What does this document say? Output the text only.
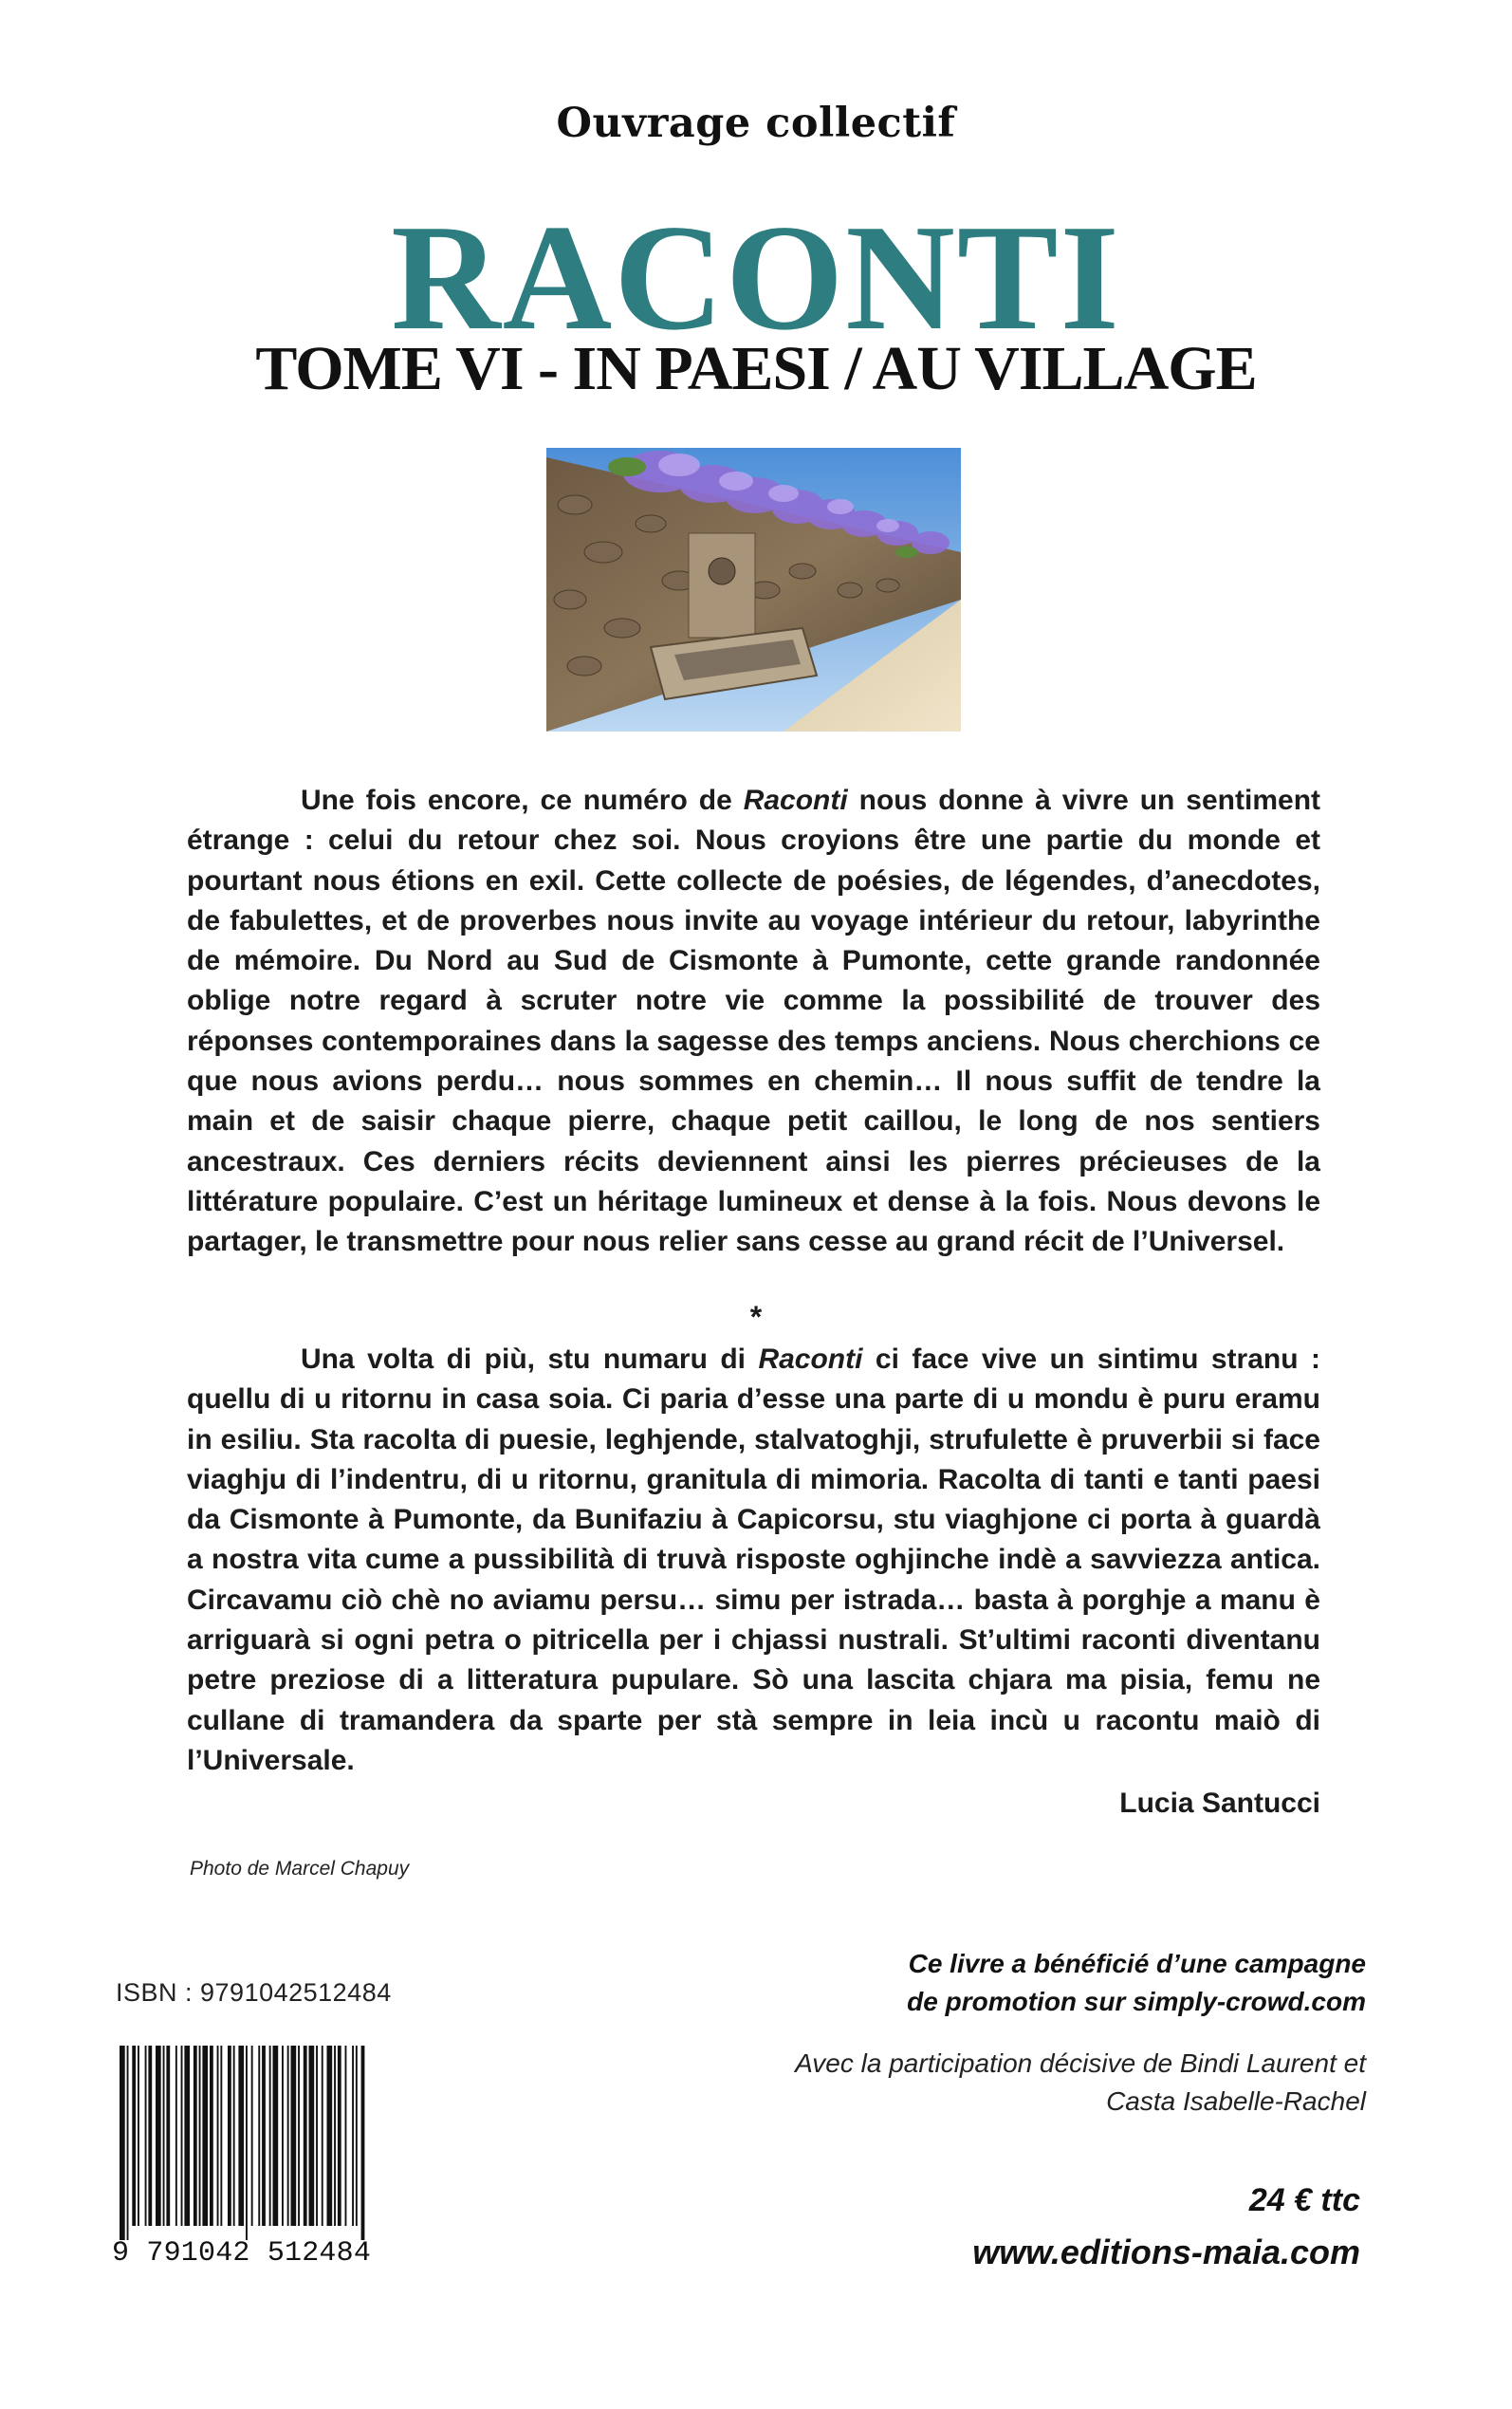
Ouvrage collectif
RACONTI
TOME VI - IN PAESI / AU VILLAGE

Une fois encore, ce numéro de Raconti nous donne à vivre un sentiment étrange : celui du retour chez soi. Nous croyions être une partie du monde et pourtant nous étions en exil. Cette collecte de poésies, de légendes, d’anecdotes, de fabulettes, et de proverbes nous invite au voyage intérieur du retour, labyrinthe de mémoire. Du Nord au Sud de Cismonte à Pumonte, cette grande randonnée oblige notre regard à scruter notre vie comme la possibilité de trouver des réponses contemporaines dans la sagesse des temps anciens. Nous cherchions ce que nous avions perdu… nous sommes en chemin… Il nous suffit de tendre la main et de saisir chaque pierre, chaque petit caillou, le long de nos sentiers ancestraux. Ces derniers récits deviennent ainsi les pierres précieuses de la littérature populaire. C’est un héritage lumineux et dense à la fois. Nous devons le partager, le transmettre pour nous relier sans cesse au grand récit de l’Universel.

*

Una volta di più, stu numaru di Raconti ci face vive un sintimu stranu : quellu di u ritornu in casa soia. Ci paria d’esse una parte di u mondu è puru eramu in esiliu. Sta racolta di puesie, leghjende, stalvatoghji, strufulette è pruverbii si face viaghju di l’indentru, di u ritornu, granitula di mimoria. Racolta di tanti e tanti paesi da Cismonte à Pumonte, da Bunifaziu à Capicorsu, stu viaghjone ci porta à guardà a nostra vita cume a pussibilità di truvà risposte oghjinche indè a savviezza antica. Circavamu ciò chè no aviamu persu… simu per istrada… basta à porghje a manu è arriguarà si ogni petra o pitricella per i chjassi nustrali. St’ultimi raconti diventanu petre preziose di a litteratura pupulare. Sò una lascita chjara ma pisia, femu ne cullane di tramandera da sparte per stà sempre in leia incù u racontu maiò di l’Universale.

Lucia Santucci
Photo de Marcel Chapuy
ISBN : 9791042512484
9 791042 512484
Ce livre a bénéficié d’une campagne
de promotion sur simply-crowd.com
Avec la participation décisive de Bindi Laurent et
Casta Isabelle-Rachel
24 € ttc
www.editions-maia.com
